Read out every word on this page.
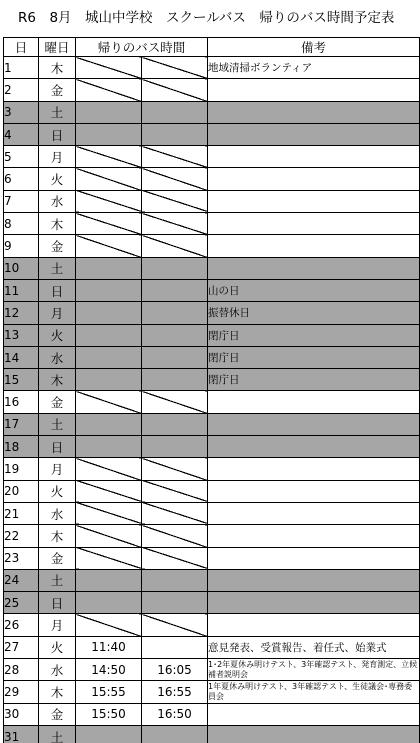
R6　8月　城山中学校　スクールバス　帰りのバス時間予定表
日	曜日	帰りのバス時間		備考
1	木			地域清掃ボランティア
2	金			
3	土			
4	日			
5	月			
6	火			
7	水			
8	木			
9	金			
10	土			
11	日			山の日
12	月			振替休日
13	火			閉庁日
14	水			閉庁日
15	木			閉庁日
16	金			
17	土			
18	日			
19	月			
20	火			
21	水			
22	木			
23	金			
24	土			
25	日			
26	月			
27	火	11:40		意見発表、受賞報告、着任式、始業式
28	水	14:50	16:05	1･2年夏休み明けテスト、3年確認テスト、発育測定、立候補者説明会
29	木	15:55	16:55	1年夏休み明けテスト、3年確認テスト、生徒議会･専務委員会
30	金	15:50	16:50	
31	土			
